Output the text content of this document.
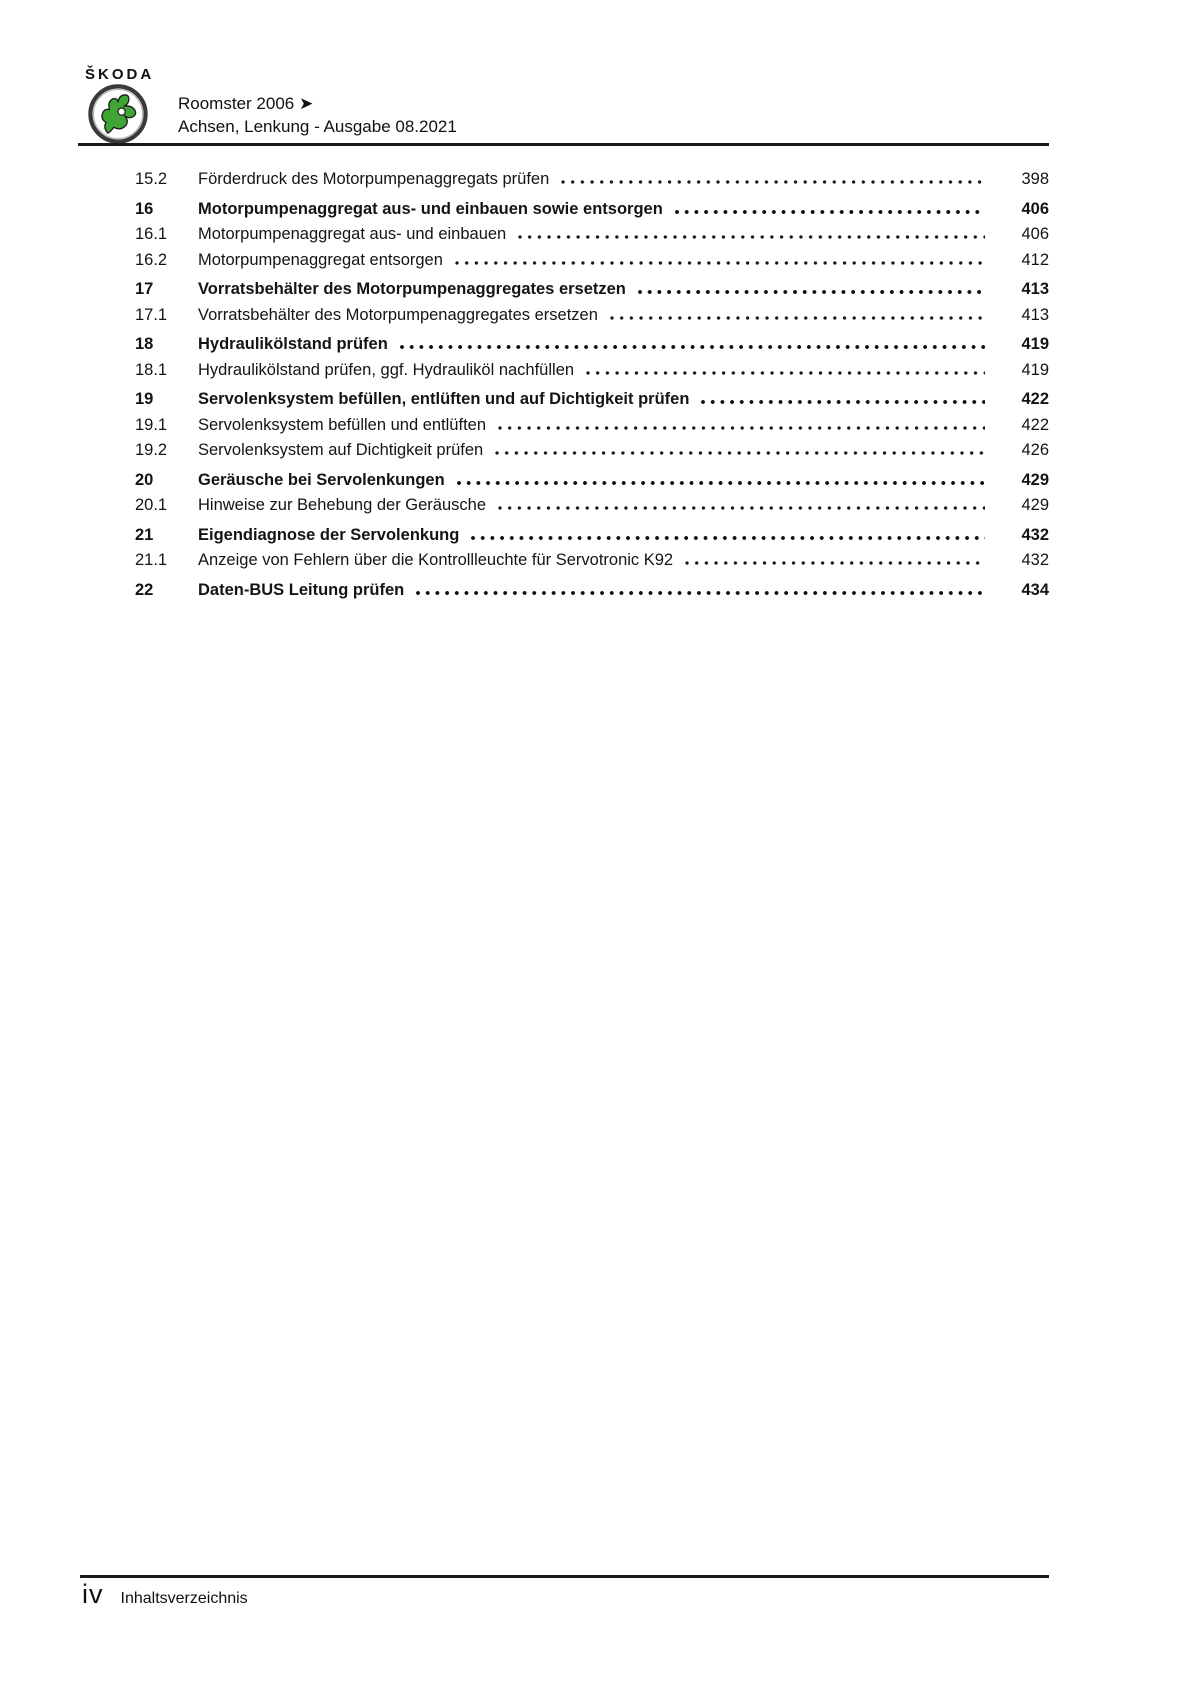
ŠKODA
Roomster 2006 ➤
Achsen, Lenkung - Ausgabe 08.2021
15.2	Förderdruck des Motorpumpenaggregats prüfen	398
16	Motorpumpenaggregat aus- und einbauen sowie entsorgen	406
16.1	Motorpumpenaggregat aus- und einbauen	406
16.2	Motorpumpenaggregat entsorgen	412
17	Vorratsbehälter des Motorpumpenaggregates ersetzen	413
17.1	Vorratsbehälter des Motorpumpenaggregates ersetzen	413
18	Hydraulikölstand prüfen	419
18.1	Hydraulikölstand prüfen, ggf. Hydrauliköl nachfüllen	419
19	Servolenksystem befüllen, entlüften und auf Dichtigkeit prüfen	422
19.1	Servolenksystem befüllen und entlüften	422
19.2	Servolenksystem auf Dichtigkeit prüfen	426
20	Geräusche bei Servolenkungen	429
20.1	Hinweise zur Behebung der Geräusche	429
21	Eigendiagnose der Servolenkung	432
21.1	Anzeige von Fehlern über die Kontrollleuchte für Servotronic K92	432
22	Daten-BUS Leitung prüfen	434
iv Inhaltsverzeichnis
